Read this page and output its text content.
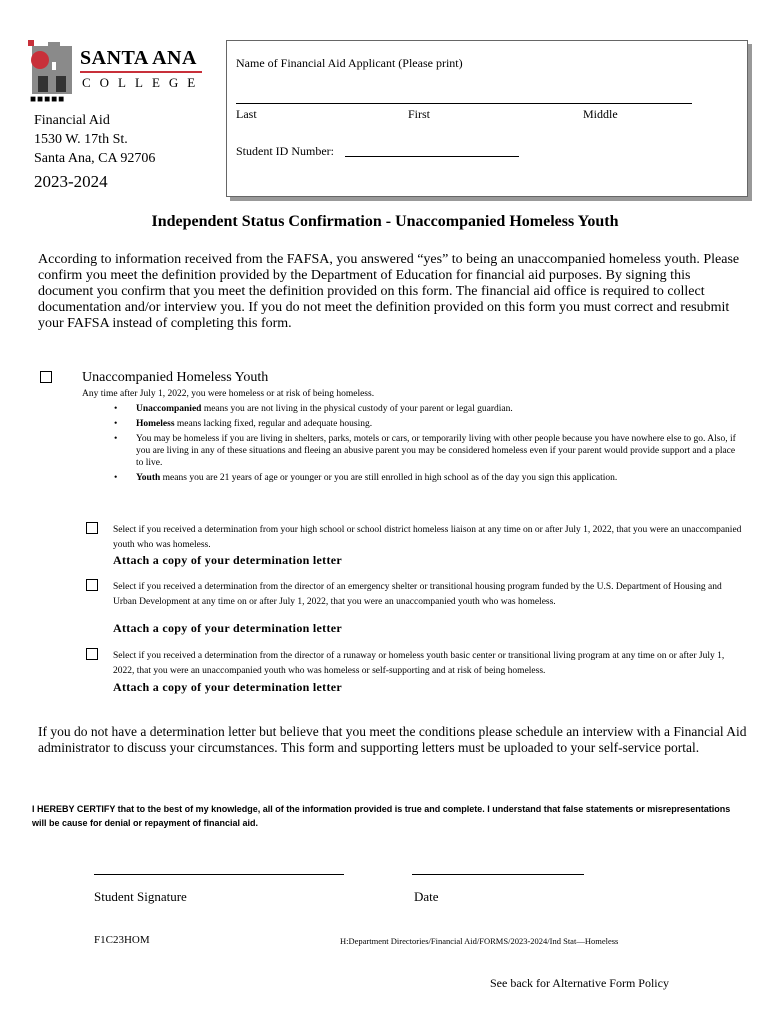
SANTA ANA
COLLEGE
■■■■■
Financial Aid
1530 W. 17th St.
Santa Ana, CA 92706
2023-2024
Name of Financial Aid Applicant (Please print)
Last	First	Middle
Student ID Number:
Independent Status Confirmation - Unaccompanied Homeless Youth
According to information received from the FAFSA, you answered “yes” to being an unaccompanied homeless youth. Please confirm you meet the definition provided by the Department of Education for financial aid purposes. By signing this document you confirm that you meet the definition provided on this form. The financial aid office is required to collect documentation and/or interview you. If you do not meet the definition provided on this form you must correct and resubmit your FAFSA instead of completing this form.
Unaccompanied Homeless Youth
Any time after July 1, 2022, you were homeless or at risk of being homeless.
• Unaccompanied means you are not living in the physical custody of your parent or legal guardian.
• Homeless means lacking fixed, regular and adequate housing.
• You may be homeless if you are living in shelters, parks, motels or cars, or temporarily living with other people because you have nowhere else to go. Also, if you are living in any of these situations and fleeing an abusive parent you may be considered homeless even if your parent would provide support and a place to live.
• Youth means you are 21 years of age or younger or you are still enrolled in high school as of the day you sign this application.
Select if you received a determination from your high school or school district homeless liaison at any time on or after July 1, 2022, that you were an unaccompanied youth who was homeless.
Attach a copy of your determination letter
Select if you received a determination from the director of an emergency shelter or transitional housing program funded by the U.S. Department of Housing and Urban Development at any time on or after July 1, 2022, that you were an unaccompanied youth who was homeless.
Attach a copy of your determination letter
Select if you received a determination from the director of a runaway or homeless youth basic center or transitional living program at any time on or after July 1, 2022, that you were an unaccompanied youth who was homeless or self-supporting and at risk of being homeless.
Attach a copy of your determination letter
If you do not have a determination letter but believe that you meet the conditions please schedule an interview with a Financial Aid administrator to discuss your circumstances. This form and supporting letters must be uploaded to your self-service portal.
I HEREBY CERTIFY that to the best of my knowledge, all of the information provided is true and complete. I understand that false statements or misrepresentations will be cause for denial or repayment of financial aid.
Student Signature	Date
F1C23HOM	H:Department Directories/Financial Aid/FORMS/2023-2024/Ind Stat—Homeless
See back for Alternative Form Policy
